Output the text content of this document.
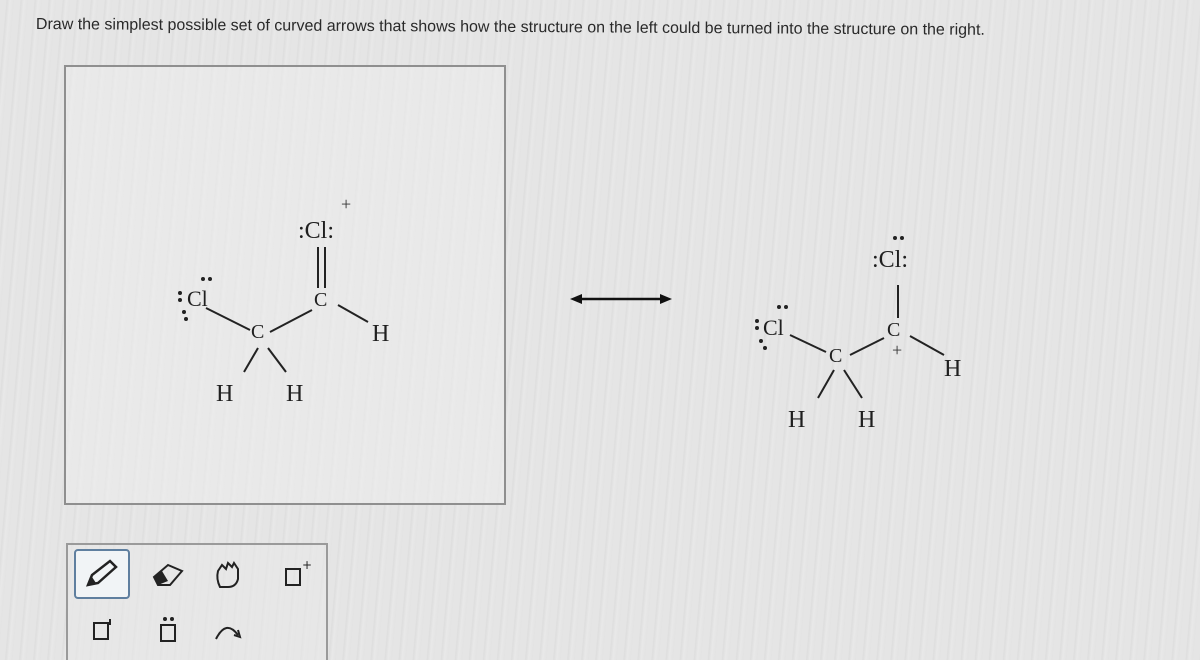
Draw the simplest possible set of curved arrows that shows how the structure on the left could be turned into the structure on the right.
:Cl:
+
Cl	C
C	H
H H
:Cl:
Cl	C
+
C	H
H H
+
